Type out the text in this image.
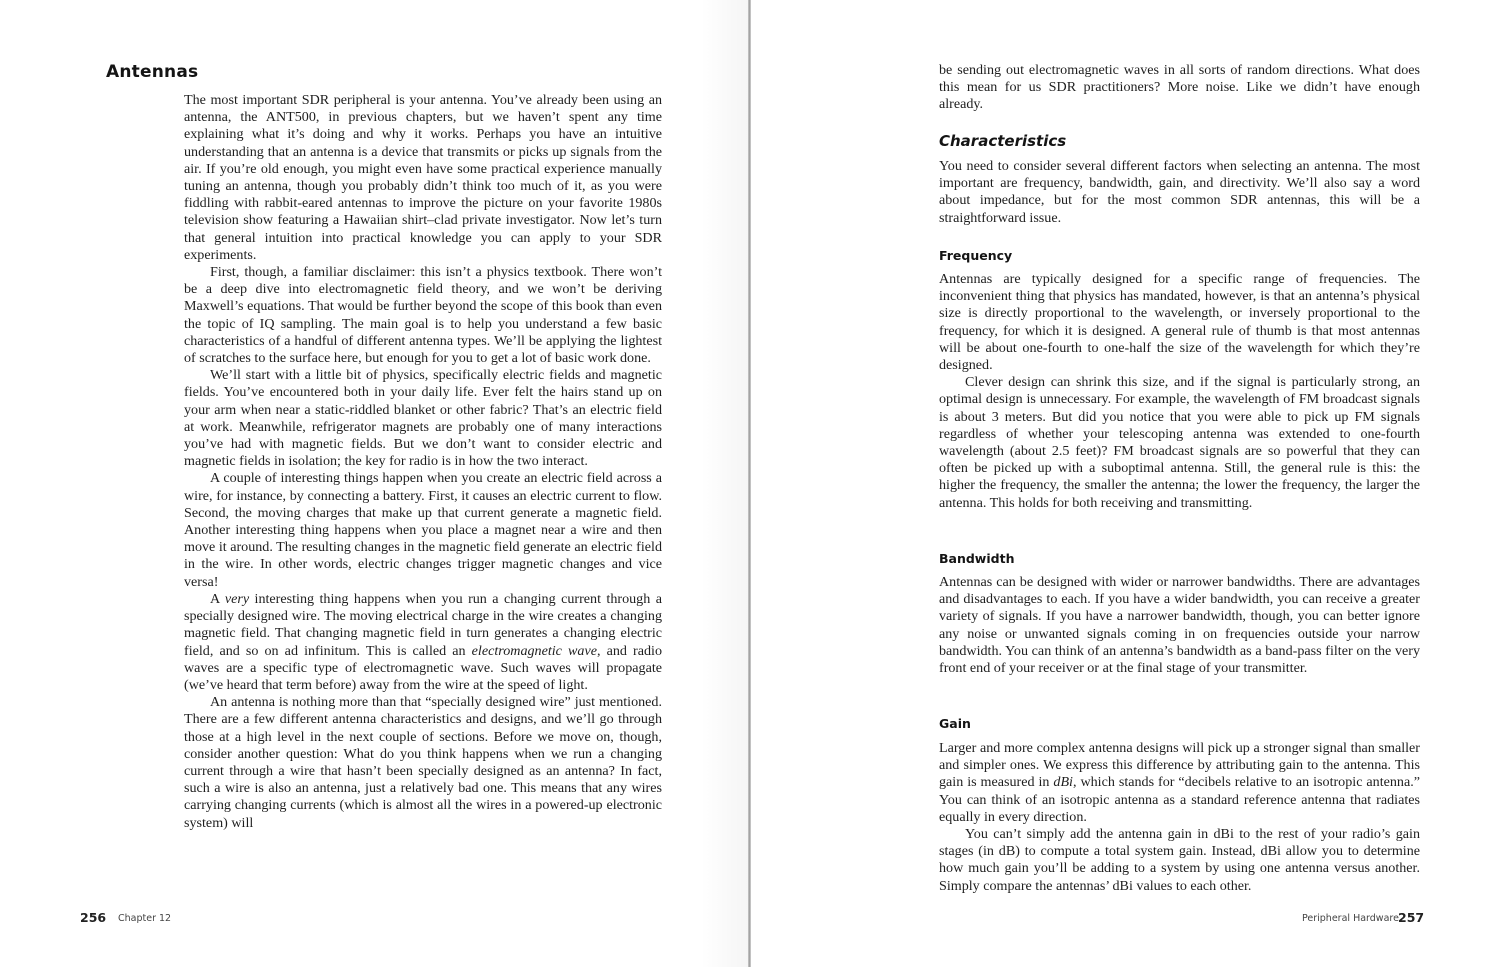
Antennas

The most important SDR peripheral is your antenna. You’ve already been using an antenna, the ANT500, in previous chapters, but we haven’t spent any time explaining what it’s doing and why it works. Perhaps you have an intuitive understanding that an antenna is a device that transmits or picks up signals from the air. If you’re old enough, you might even have some practical experience manually tuning an antenna, though you probably didn’t think too much of it, as you were fiddling with rabbit-eared antennas to improve the picture on your favorite 1980s television show featuring a Hawaiian shirt–clad private investigator. Now let’s turn that general intuition into practical knowledge you can apply to your SDR experiments.

First, though, a familiar disclaimer: this isn’t a physics textbook. There won’t be a deep dive into electromagnetic field theory, and we won’t be deriving Maxwell’s equations. That would be further beyond the scope of this book than even the topic of IQ sampling. The main goal is to help you understand a few basic characteristics of a handful of different antenna types. We’ll be applying the lightest of scratches to the surface here, but enough for you to get a lot of basic work done.

We’ll start with a little bit of physics, specifically electric fields and magnetic fields. You’ve encountered both in your daily life. Ever felt the hairs stand up on your arm when near a static-riddled blanket or other fabric? That’s an electric field at work. Meanwhile, refrigerator magnets are probably one of many interactions you’ve had with magnetic fields. But we don’t want to consider electric and magnetic fields in isolation; the key for radio is in how the two interact.

A couple of interesting things happen when you create an electric field across a wire, for instance, by connecting a battery. First, it causes an electric current to flow. Second, the moving charges that make up that current generate a magnetic field. Another interesting thing happens when you place a magnet near a wire and then move it around. The resulting changes in the magnetic field generate an electric field in the wire. In other words, electric changes trigger magnetic changes and vice versa!

A very interesting thing happens when you run a changing current through a specially designed wire. The moving electrical charge in the wire creates a changing magnetic field. That changing magnetic field in turn generates a changing electric field, and so on ad infinitum. This is called an electromagnetic wave, and radio waves are a specific type of electromagnetic wave. Such waves will propagate (we’ve heard that term before) away from the wire at the speed of light.

An antenna is nothing more than that “specially designed wire” just mentioned. There are a few different antenna characteristics and designs, and we’ll go through those at a high level in the next couple of sections. Before we move on, though, consider another question: What do you think happens when we run a changing current through a wire that hasn’t been specially designed as an antenna? In fact, such a wire is also an antenna, just a relatively bad one. This means that any wires carrying changing currents (which is almost all the wires in a powered-up electronic system) will

256 Chapter 12

be sending out electromagnetic waves in all sorts of random directions. What does this mean for us SDR practitioners? More noise. Like we didn’t have enough already.

Characteristics

You need to consider several different factors when selecting an antenna. The most important are frequency, bandwidth, gain, and directivity. We’ll also say a word about impedance, but for the most common SDR antennas, this will be a straightforward issue.

Frequency

Antennas are typically designed for a specific range of frequencies. The inconvenient thing that physics has mandated, however, is that an antenna’s physical size is directly proportional to the wavelength, or inversely proportional to the frequency, for which it is designed. A general rule of thumb is that most antennas will be about one-fourth to one-half the size of the wavelength for which they’re designed.

Clever design can shrink this size, and if the signal is particularly strong, an optimal design is unnecessary. For example, the wavelength of FM broadcast signals is about 3 meters. But did you notice that you were able to pick up FM signals regardless of whether your telescoping antenna was extended to one-fourth wavelength (about 2.5 feet)? FM broadcast signals are so powerful that they can often be picked up with a suboptimal antenna. Still, the general rule is this: the higher the frequency, the smaller the antenna; the lower the frequency, the larger the antenna. This holds for both receiving and transmitting.

Bandwidth

Antennas can be designed with wider or narrower bandwidths. There are advantages and disadvantages to each. If you have a wider bandwidth, you can receive a greater variety of signals. If you have a narrower bandwidth, though, you can better ignore any noise or unwanted signals coming in on frequencies outside your narrow bandwidth. You can think of an antenna’s bandwidth as a band-pass filter on the very front end of your receiver or at the final stage of your transmitter.

Gain

Larger and more complex antenna designs will pick up a stronger signal than smaller and simpler ones. We express this difference by attributing gain to the antenna. This gain is measured in dBi, which stands for “decibels relative to an isotropic antenna.” You can think of an isotropic antenna as a standard reference antenna that radiates equally in every direction.

You can’t simply add the antenna gain in dBi to the rest of your radio’s gain stages (in dB) to compute a total system gain. Instead, dBi allow you to determine how much gain you’ll be adding to a system by using one antenna versus another. Simply compare the antennas’ dBi values to each other.

Peripheral Hardware 257
